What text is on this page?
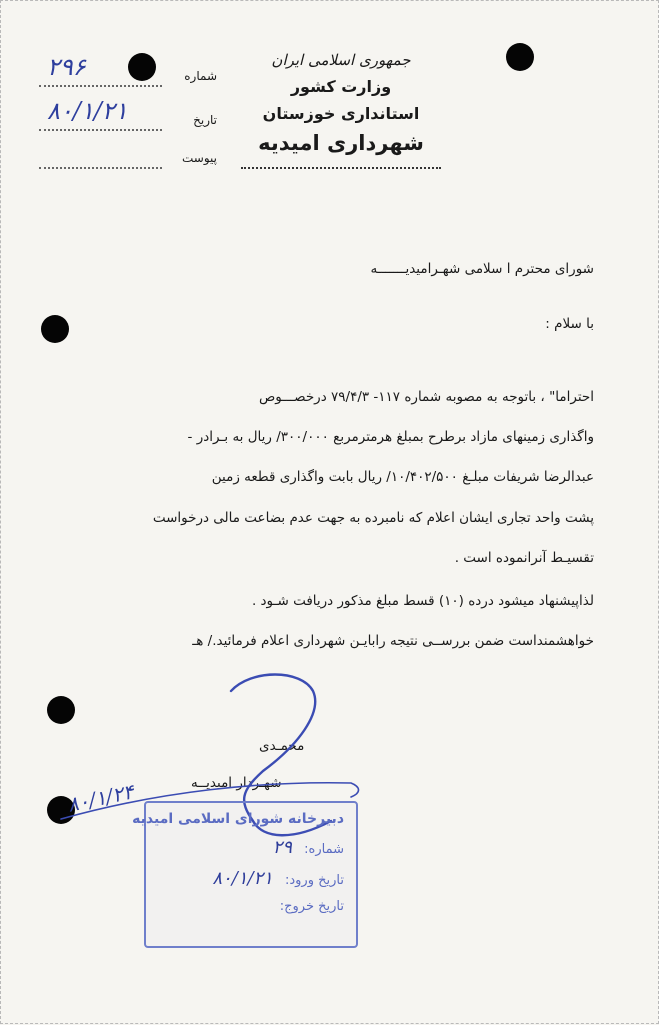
جمهوری اسلامی ایران
وزارت کشور
استانداری خوزستان
شهرداری امیدیه
شماره
۲۹۶
تاریخ
۸۰/۱/۲۱
پیوست
شورای محترم ا سلامی شهـرامیدیـــــــه
با سلام :
احتراما" ، باتوجه به مصوبه شماره ۱۱۷- ۷۹/۴/۳ درخصـــوص
واگذاری زمینهای مازاد برطرح بمبلغ هرمترمربع ۳۰۰/۰۰۰/ ریال به بـرادر -
عبدالرضا شریفات مبلـغ ۱۰/۴۰۲/۵۰۰/ ریال بابت واگذاری قطعه زمین
پشت واحد تجاری ایشان اعلام که نامبرده به جهت عدم بضاعت مالی درخواست
تقسیـط آنرانموده است .
لذاپیشنهاد میشود درده (۱۰) قسط مبلغ مذکور دریافت شـود .
خواهشمنداست ضمن بررســی نتیجه رابایـن شهرداری اعلام فرمائید./ هـ
محمـدی
شهـردار امیدیــه
۸۰/۱/۲۴
دبیرخانه شورای اسلامی امیدیه
شماره: ۲۹
تاریخ ورود: ۸۰/۱/۲۱
تاریخ خروج:
